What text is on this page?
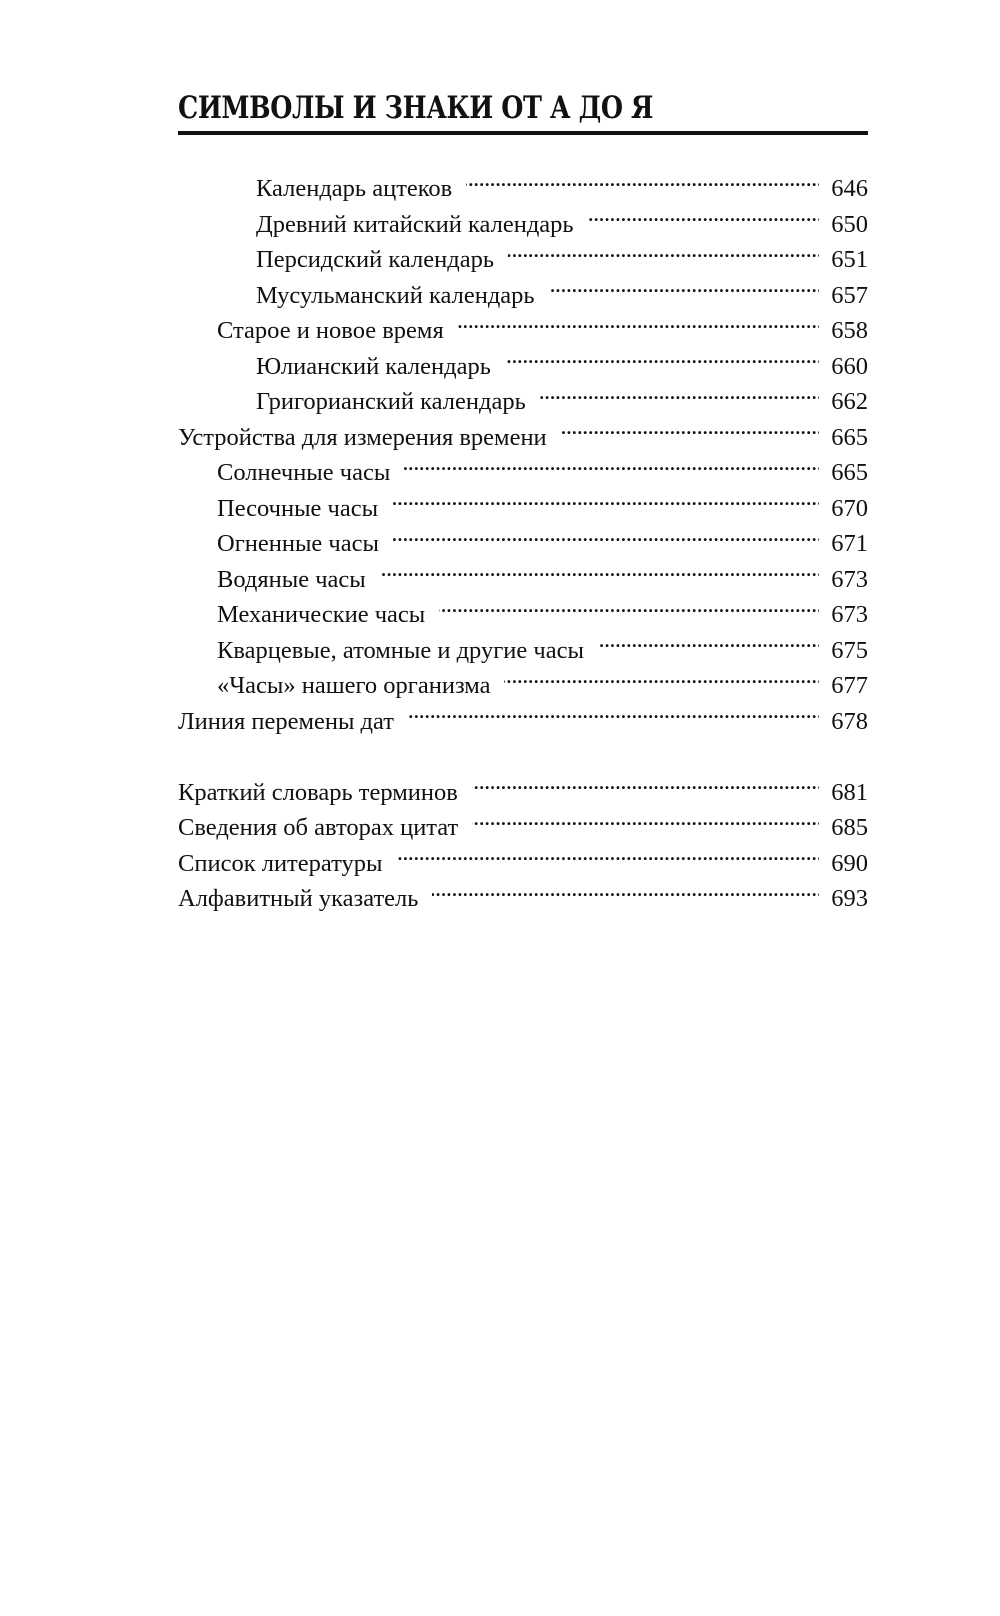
СИМВОЛЫ И ЗНАКИ ОТ А ДО Я
Календарь ацтеков . . .	646
Древний китайский календарь . . .	650
Персидский календарь . . .	651
Мусульманский календарь . . .	657
Старое и новое время . . .	658
Юлианский календарь . . .	660
Григорианский календарь . . .	662
Устройства для измерения времени . . .	665
Солнечные часы . . .	665
Песочные часы . . .	670
Огненные часы . . .	671
Водяные часы . . .	673
Механические часы . . .	673
Кварцевые, атомные и другие часы . . .	675
«Часы» нашего организма . . .	677
Линия перемены дат . . .	678
Краткий словарь терминов . . .	681
Сведения об авторах цитат . . .	685
Список литературы . . .	690
Алфавитный указатель . . .	693
